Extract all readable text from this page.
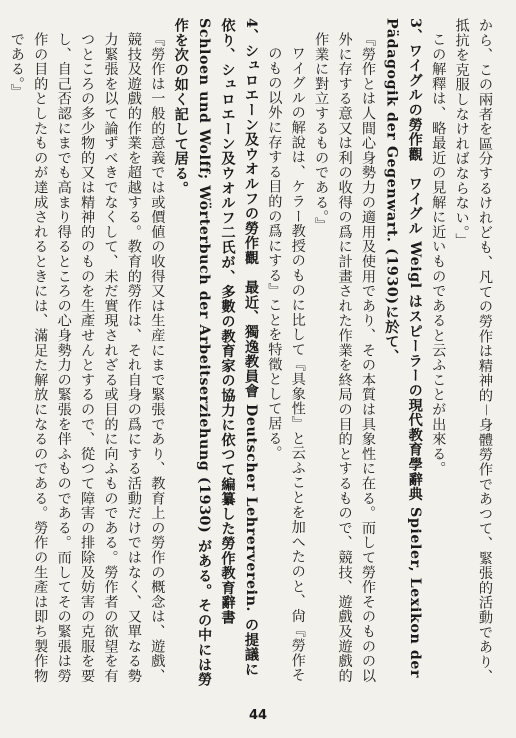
から、この兩者を區分するけれども、凡ての勞作は精神的－身體勞作であつて、緊張的活動であり、抵抗を克服しなければならない。」

この解釋は、略最近の見解に近いものであると云ふことが出來る。

3、ワイグルの勞作觀　ワイグル Weigl はスピーラーの現代教育學辭典 Spieler, Lexikon der Pädagogik der Gegenwart. (1930)に於て、

『勞作とは人間心身勢力の適用及使用であり、その本質は具象性に在る。而して勞作そのものの以外に存する意又は利の收得の爲に計畫された作業を終局の目的とするもので、競技、遊戲及遊戲的作業に對立するものである。』

ワイグルの解說は、ケラー教授のものに比して『具象性』と云ふことを加へたのと、尙『勞作そのもの以外に存する目的の爲にする』ことを特徵として居る。

4、シュロエーン及ウオルフの勞作觀　最近、獨逸教員會 Deutscher Lehrerverein. の提議に依り、シュロエーン及ウオルフ二氏が、多數の教育家の協力に依つて編纂した勞作教育辭書 Schloen und Wolff; Wörterbuch der Arbeitserziehung (1930) がある。その中には勞作を次の如く記して居る。

『勞作は一般的意義では或價値の收得又は生産にまで緊張であり、教育上の勞作の概念は、遊戲、競技及遊戲的作業を超越する。教育的勞作は、それ自身の爲にする活動だけではなく、又單なる勢力緊張を以て論ずべきでなくして、未だ實現されざる或目的に向ふものである。勞作者の欲望を有つところの多少物的又は精神的のものを生產せんとするので、從つて障害の排除及妨害の克服を要し、自己否認にまでも高まり得るところの心身勢力の緊張を伴ふものである。而してその緊張は勞作の目的としたものが達成されるときには、滿足た解放になるのである。勞作の生產は即ち製作物である。』

44
